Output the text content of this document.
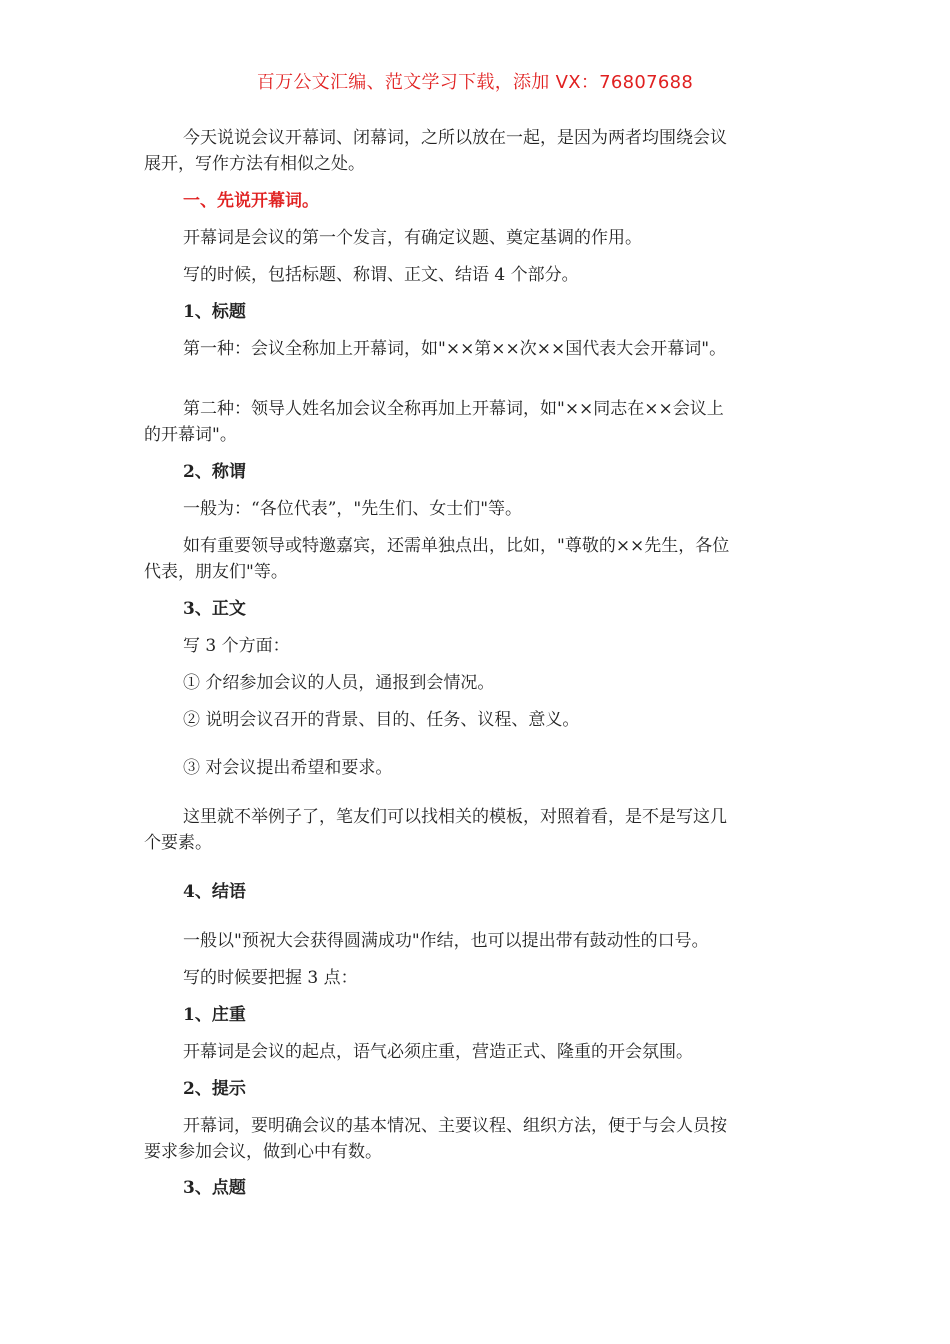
百万公文汇编、范文学习下载，添加 VX：76807688
今天说说会议开幕词、闭幕词，之所以放在一起，是因为两者均围绕会议
展开，写作方法有相似之处。
一、先说开幕词。
开幕词是会议的第一个发言，有确定议题、奠定基调的作用。
写的时候，包括标题、称谓、正文、结语 4 个部分。
1、标题
第一种：会议全称加上开幕词，如"××第××次××国代表大会开幕词"。
第二种：领导人姓名加会议全称再加上开幕词，如"××同志在××会议上
的开幕词"。
2、称谓
一般为：“各位代表”，"先生们、女士们"等。
如有重要领导或特邀嘉宾，还需单独点出，比如，"尊敬的××先生，各位
代表，朋友们"等。
3、正文
写 3 个方面：
① 介绍参加会议的人员，通报到会情况。
② 说明会议召开的背景、目的、任务、议程、意义。
③ 对会议提出希望和要求。
这里就不举例子了，笔友们可以找相关的模板，对照着看，是不是写这几
个要素。
4、结语
一般以"预祝大会获得圆满成功"作结，也可以提出带有鼓动性的口号。
写的时候要把握 3 点：
1、庄重
开幕词是会议的起点，语气必须庄重，营造正式、隆重的开会氛围。
2、提示
开幕词，要明确会议的基本情况、主要议程、组织方法，便于与会人员按
要求参加会议，做到心中有数。
3、点题
